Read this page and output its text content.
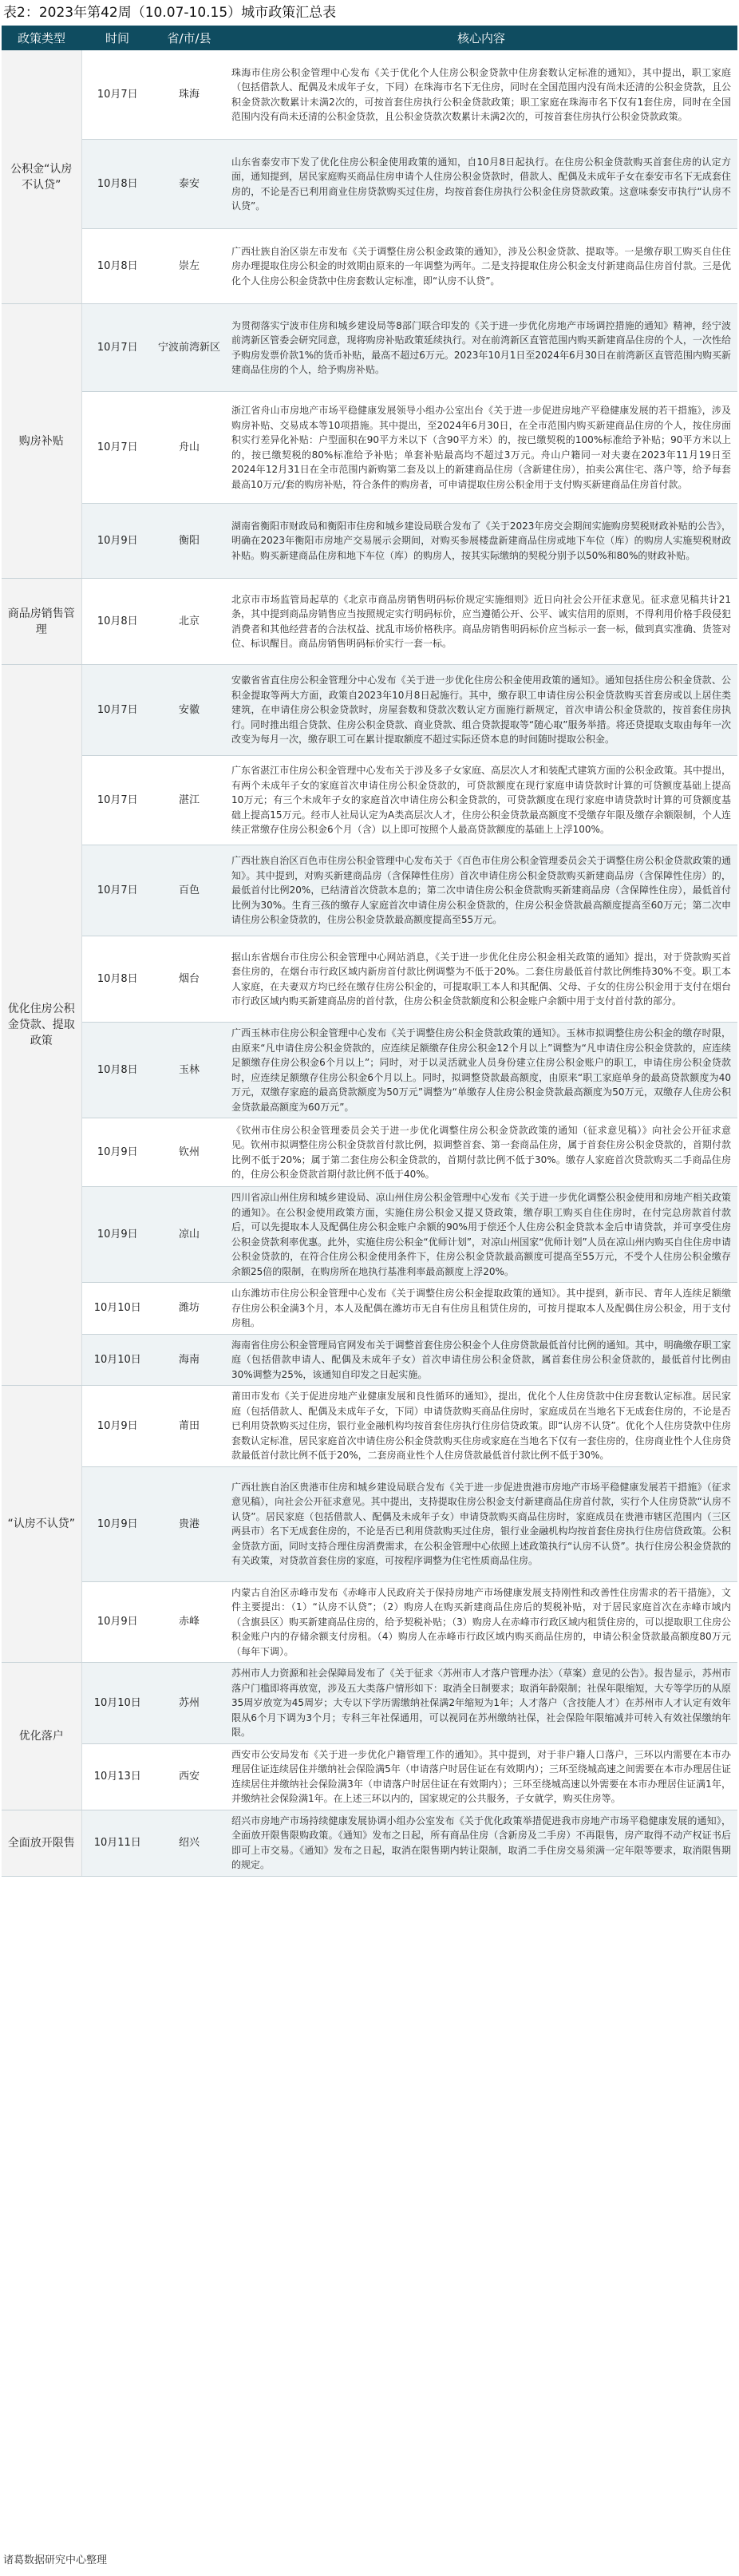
表2：2023年第42周（10.07-10.15）城市政策汇总表
政策类型	时间	省/市/县	核心内容
公积金“认房不认贷”	10月7日	珠海	珠海市住房公积金管理中心发布《关于优化个人住房公积金贷款中住房套数认定标准的通知》，其中提出，职工家庭（包括借款人、配偶及未成年子女，下同）在珠海市名下无住房，同时在全国范围内没有尚未还清的公积金贷款，且公积金贷款次数累计未满2次的，可按首套住房执行公积金贷款政策；职工家庭在珠海市名下仅有1套住房，同时在全国范围内没有尚未还清的公积金贷款，且公积金贷款次数累计未满2次的，可按首套住房执行公积金贷款政策。
	10月8日	泰安	山东省泰安市下发了优化住房公积金使用政策的通知，自10月8日起执行。在住房公积金贷款购买首套住房的认定方面，通知提到，居民家庭购买商品住房申请个人住房公积金贷款时，借款人、配偶及未成年子女在泰安市名下无成套住房的，不论是否已利用商业住房贷款购买过住房，均按首套住房执行公积金住房贷款政策。这意味泰安市执行“认房不认贷”。
	10月8日	崇左	广西壮族自治区崇左市发布《关于调整住房公积金政策的通知》，涉及公积金贷款、提取等。一是缴存职工购买自住住房办理提取住房公积金的时效期由原来的一年调整为两年。二是支持提取住房公积金支付新建商品住房首付款。三是优化个人住房公积金贷款中住房套数认定标准，即“认房不认贷”。
购房补贴	10月7日	宁波前湾新区	为贯彻落实宁波市住房和城乡建设局等8部门联合印发的《关于进一步优化房地产市场调控措施的通知》精神，经宁波前湾新区管委会研究同意，现将购房补贴政策延续执行。对在前湾新区直管范围内购买新建商品住房的个人，一次性给予购房发票价款1%的货币补贴，最高不超过6万元。2023年10月1日至2024年6月30日在前湾新区直管范围内购买新建商品住房的个人，给予购房补贴。
	10月7日	舟山	浙江省舟山市房地产市场平稳健康发展领导小组办公室出台《关于进一步促进房地产平稳健康发展的若干措施》，涉及购房补贴、交易成本等10项措施。其中提出，至2024年6月30日，在全市范围内购买新建商品住房的个人，按住房面积实行差异化补贴：户型面积在90平方米以下（含90平方米）的，按已缴契税的100%标准给予补贴；90平方米以上的，按已缴契税的80%标准给予补贴；单套补贴最高均不超过3万元。舟山户籍同一对夫妻在2023年11月19日至2024年12月31日在全市范围内新购第二套及以上的新建商品住房（含新建住房），拍卖公寓住宅、落户等，给予每套最高10万元/套的购房补贴，符合条件的购房者，可申请提取住房公积金用于支付购买新建商品住房首付款。
	10月9日	衡阳	湖南省衡阳市财政局和衡阳市住房和城乡建设局联合发布了《关于2023年房交会期间实施购房契税财政补贴的公告》，明确在2023年衡阳市房地产交易展示会期间，对购买参展楼盘新建商品住房或地下车位（库）的购房人实施契税财政补贴。购买新建商品住房和地下车位（库）的购房人，按其实际缴纳的契税分别予以50%和80%的财政补贴。
商品房销售管理	10月8日	北京	北京市市场监管局起草的《北京市商品房销售明码标价规定实施细则》近日向社会公开征求意见。征求意见稿共计21条，其中提到商品房销售应当按照规定实行明码标价，应当遵循公开、公平、诚实信用的原则，不得利用价格手段侵犯消费者和其他经营者的合法权益、扰乱市场价格秩序。商品房销售明码标价应当标示一套一标，做到真实准确、货签对位、标识醒目。商品房销售明码标价实行一套一标。
优化住房公积金贷款、提取政策	10月7日	安徽	安徽省省直住房公积金管理分中心发布《关于进一步优化住房公积金使用政策的通知》。通知包括住房公积金贷款、公积金提取等两大方面，政策自2023年10月8日起施行。其中，缴存职工申请住房公积金贷款购买首套房或以上居住类建筑，在申请住房公积金贷款时，房屋套数和贷款次数认定方面施行新规定，首次申请公积金贷款的，按首套住房执行。同时推出组合贷款、住房公积金贷款、商业贷款、组合贷款提取等“随心取”服务举措。将还贷提取支取由每年一次改变为每月一次，缴存职工可在累计提取额度不超过实际还贷本息的时间随时提取公积金。
	10月7日	湛江	广东省湛江市住房公积金管理中心发布关于涉及多子女家庭、高层次人才和装配式建筑方面的公积金政策。其中提出，有两个未成年子女的家庭首次申请住房公积金贷款的，可贷款额度在现行家庭申请贷款时计算的可贷额度基础上提高10万元；有三个未成年子女的家庭首次申请住房公积金贷款的，可贷款额度在现行家庭申请贷款时计算的可贷额度基础上提高15万元。经市人社局认定为A类高层次人才，住房公积金贷款最高额度不受缴存年限及缴存余额限制，个人连续正常缴存住房公积金6个月（含）以上即可按照个人最高贷款额度的基础上上浮100%。
	10月7日	百色	广西壮族自治区百色市住房公积金管理中心发布关于《百色市住房公积金管理委员会关于调整住房公积金贷款政策的通知》。其中提到，对购买新建商品房（含保障性住房）首次申请住房公积金贷款购买新建商品房（含保障性住房）的，最低首付比例20%，已结清首次贷款本息的；第二次申请住房公积金贷款购买新建商品房（含保障性住房），最低首付比例为30%。生育三孩的缴存人家庭首次申请住房公积金贷款的，住房公积金贷款最高额度提高至60万元；第二次申请住房公积金贷款的，住房公积金贷款最高额度提高至55万元。
	10月8日	烟台	据山东省烟台市住房公积金管理中心网站消息，《关于进一步优化住房公积金相关政策的通知》提出，对于贷款购买首套住房的，在烟台市行政区域内新房首付款比例调整为不低于20%。二套住房最低首付款比例维持30%不变。职工本人家庭，在夫妻双方均已经在缴存住房公积金的，可提取职工本人和其配偶、父母、子女的住房公积金用于支付在烟台市行政区域内购买新建商品房的首付款，住房公积金贷款额度和公积金账户余额中用于支付首付款的部分。
	10月8日	玉林	广西玉林市住房公积金管理中心发布《关于调整住房公积金贷款政策的通知》。玉林市拟调整住房公积金的缴存时限，由原来“凡申请住房公积金贷款的，应连续足额缴存住房公积金12个月以上”调整为“凡申请住房公积金贷款的，应连续足额缴存住房公积金6个月以上”；同时，对于以灵活就业人员身份建立住房公积金账户的职工，申请住房公积金贷款时，应连续足额缴存住房公积金6个月以上。同时，拟调整贷款最高额度，由原来“职工家庭单身的最高贷款额度为40万元，双缴存家庭的最高贷款额度为50万元”调整为“单缴存人住房公积金贷款最高额度为50万元，双缴存人住房公积金贷款最高额度为60万元”。
	10月9日	钦州	《钦州市住房公积金管理委员会关于进一步优化调整住房公积金贷款政策的通知（征求意见稿）》向社会公开征求意见。钦州市拟调整住房公积金贷款首付款比例，拟调整首套、第一套商品住房，属于首套住房公积金贷款的，首期付款比例不低于20%；属于第二套住房公积金贷款的，首期付款比例不低于30%。缴存人家庭首次贷款购买二手商品住房的，住房公积金贷款首期付款比例不低于40%。
	10月9日	凉山	四川省凉山州住房和城乡建设局、凉山州住房公积金管理中心发布《关于进一步优化调整公积金使用和房地产相关政策的通知》。在公积金使用政策方面，实施住房公积金又提又贷政策，缴存职工购买自住住房时，在付完总房款首付款后，可以先提取本人及配偶住房公积金账户余额的90%用于偿还个人住房公积金贷款本金后申请贷款，并可享受住房公积金贷款利率优惠。此外，实施住房公积金“优师计划”，对凉山州国家“优师计划”人员在凉山州内购买自住住房申请公积金贷款的，在符合住房公积金使用条件下，住房公积金贷款最高额度可提高至55万元，不受个人住房公积金缴存余额25倍的限制，在购房所在地执行基准利率最高额度上浮20%。
	10月10日	潍坊	山东潍坊市住房公积金管理中心发布《关于调整住房公积金提取政策的通知》。其中提到，新市民、青年人连续足额缴存住房公积金满3个月，本人及配偶在潍坊市无自有住房且租赁住房的，可按月提取本人及配偶住房公积金，用于支付房租。
	10月10日	海南	海南省住房公积金管理局官网发布关于调整首套住房公积金个人住房贷款最低首付比例的通知。其中，明确缴存职工家庭（包括借款申请人、配偶及未成年子女）首次申请住房公积金贷款，属首套住房公积金贷款的，最低首付比例由30%调整为25%，该通知自印发之日起实施。
“认房不认贷”	10月9日	莆田	莆田市发布《关于促进房地产业健康发展和良性循环的通知》，提出，优化个人住房贷款中住房套数认定标准。居民家庭（包括借款人、配偶及未成年子女，下同）申请贷款购买商品住房时，家庭成员在当地名下无成套住房的，不论是否已利用贷款购买过住房，银行业金融机构均按首套住房执行住房信贷政策。即“认房不认贷”。优化个人住房贷款中住房套数认定标准，居民家庭首次申请住房公积金贷款购买住房或家庭在当地名下仅有一套住房的，住房商业性个人住房贷款最低首付款比例不低于20%，二套房商业性个人住房贷款最低首付款比例不低于30%。
	10月9日	贵港	广西壮族自治区贵港市住房和城乡建设局联合发布《关于进一步促进贵港市房地产市场平稳健康发展若干措施》（征求意见稿），向社会公开征求意见。其中提出，支持提取住房公积金支付新建商品住房首付款，实行个人住房贷款“认房不认贷”。居民家庭（包括借款人、配偶及未成年子女）申请贷款购买商品住房时，家庭成员在贵港市辖区范围内（三区两县市）名下无成套住房的，不论是否已利用贷款购买过住房，银行业金融机构均按首套住房执行住房信贷政策。公积金贷款方面，同时支持合理住房消费需求，在公积金管理中心依照上述政策执行“认房不认贷”。执行住房公积金贷款的有关政策，对贷款首套住房的家庭，可按程序调整为住宅性质商品住房。
	10月9日	赤峰	内蒙古自治区赤峰市发布《赤峰市人民政府关于保持房地产市场健康发展支持刚性和改善性住房需求的若干措施》，文件主要提出：（1）“认房不认贷”；（2）购房人在购买新建商品住房后的契税补贴，对于居民家庭首次在赤峰市域内（含旗县区）购买新建商品住房的，给予契税补贴；（3）购房人在赤峰市行政区域内租赁住房的，可以提取职工住房公积金账户内的存储余额支付房租。（4）购房人在赤峰市行政区域内购买商品住房的，申请公积金贷款最高额度80万元（每年下调）。
优化落户	10月10日	苏州	苏州市人力资源和社会保障局发布了《关于征求〈苏州市人才落户管理办法〉（草案）意见的公告》。报告显示，苏州市落户门槛即将再放宽，涉及五大类落户情形如下：取消全日制要求；取消年龄限制；社保年限缩短，大专等学历的从原35周岁放宽为45周岁；大专以下学历需缴纳社保满2年缩短为1年；人才落户（含技能人才）在苏州市人才认定有效年限从6个月下调为3个月；专科三年社保通用，可以视同在苏州缴纳社保，社会保险年限缩减并可转入有效社保缴纳年限。
	10月13日	西安	西安市公安局发布《关于进一步优化户籍管理工作的通知》。其中提到，对于非户籍人口落户，三环以内需要在本市办理居住证连续居住并缴纳社会保险满5年（申请落户时居住证在有效期内）；三环至绕城高速之间需要在本市办理居住证连续居住并缴纳社会保险满3年（申请落户时居住证在有效期内）；三环至绕城高速以外需要在本市办理居住证满1年，并缴纳社会保险满1年。在上述三环以内的，国家规定的公共服务，子女就学，购买住房等。
全面放开限售	10月11日	绍兴	绍兴市房地产市场持续健康发展协调小组办公室发布《关于优化政策举措促进我市房地产市场平稳健康发展的通知》，全面放开限售限购政策。《通知》发布之日起，所有商品住房（含新房及二手房）不再限售，房产取得不动产权证书后即可上市交易。《通知》发布之日起，取消在限售期内转让限制，取消二手住房交易须满一定年限等要求，取消限售期的规定。
诸葛数据研究中心整理
